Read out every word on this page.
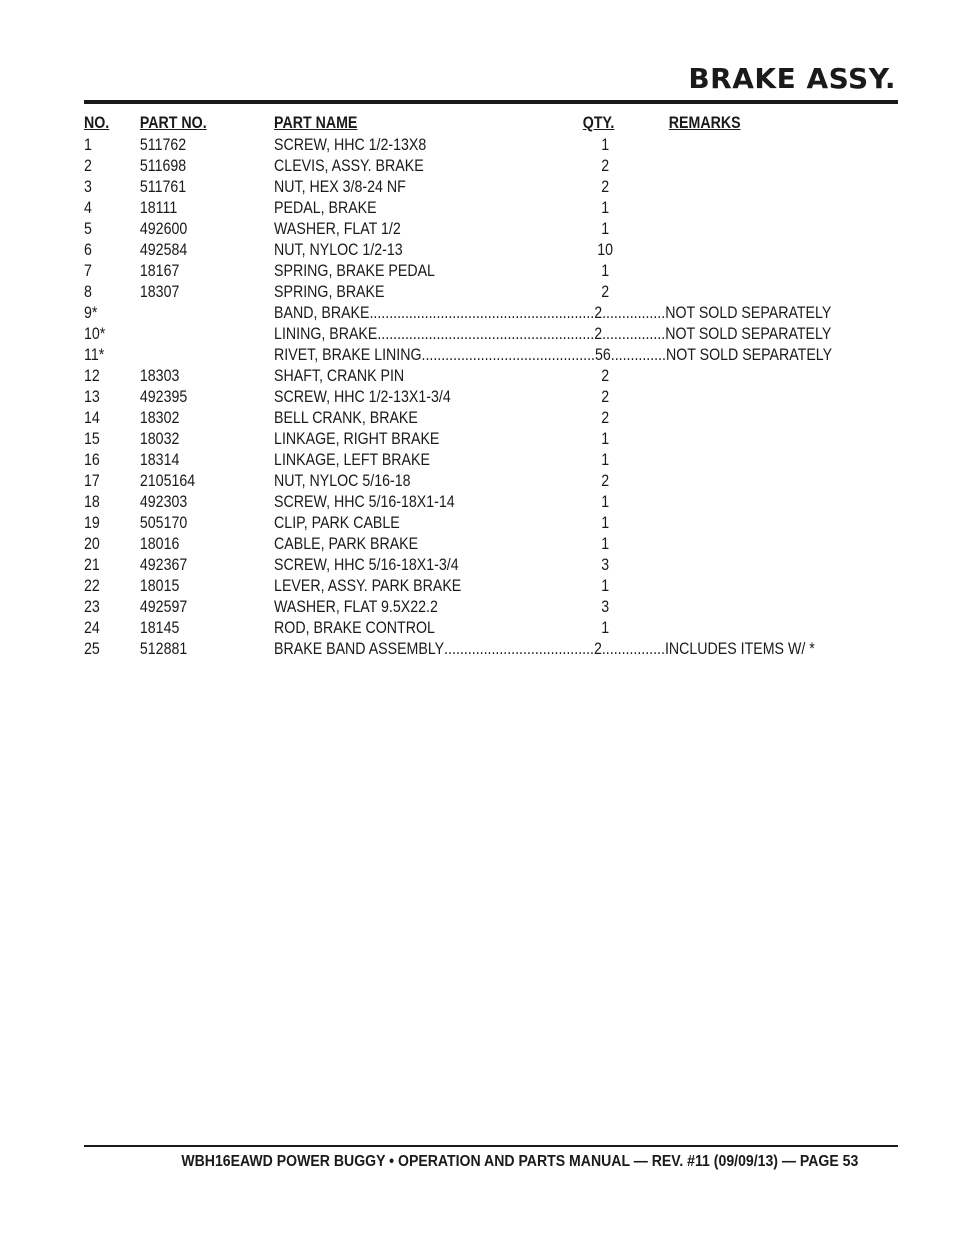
BRAKE ASSY.
NO. PART NO.	PART NAME	QTY.	REMARKS
1	511762	SCREW, HHC 1/2-13X8	1
2	511698	CLEVIS, ASSY. BRAKE	2
3	511761	NUT, HEX 3/8-24 NF	2
4	18111	PEDAL, BRAKE	1
5	492600	WASHER, FLAT 1/2	1
6	492584	NUT, NYLOC 1/2-13	10
7	18167	SPRING, BRAKE PEDAL	1
8	18307	SPRING, BRAKE	2
9*	BAND, BRAKE ......................................................... 2 ................ NOT SOLD SEPARATELY
10*	LINING, BRAKE ....................................................... 2 ................ NOT SOLD SEPARATELY
11*	RIVET, BRAKE LINING ............................................ 56 .............. NOT SOLD SEPARATELY
12 18303	SHAFT, CRANK PIN	2
13 492395	SCREW, HHC 1/2-13X1-3/4	2
14 18302	BELL CRANK, BRAKE	2
15 18032	LINKAGE, RIGHT BRAKE	1
16 18314	LINKAGE, LEFT BRAKE	1
17 2105164	NUT, NYLOC 5/16-18	2
18 492303	SCREW, HHC 5/16-18X1-14	1
19 505170	CLIP, PARK CABLE	1
20 18016	CABLE, PARK BRAKE	1
21 492367	SCREW, HHC 5/16-18X1-3/4	3
22 18015	LEVER, ASSY. PARK BRAKE	1
23 492597	WASHER, FLAT 9.5X22.2	3
24 18145	ROD, BRAKE CONTROL	1
25 512881	BRAKE BAND ASSEMBLY ...................................... 2 ................ INCLUDES ITEMS W/ *
WBH16EAWD POWER BUGGY • OPERATION AND PARTS MANUAL — REV. #11 (09/09/13) — PAGE 53
